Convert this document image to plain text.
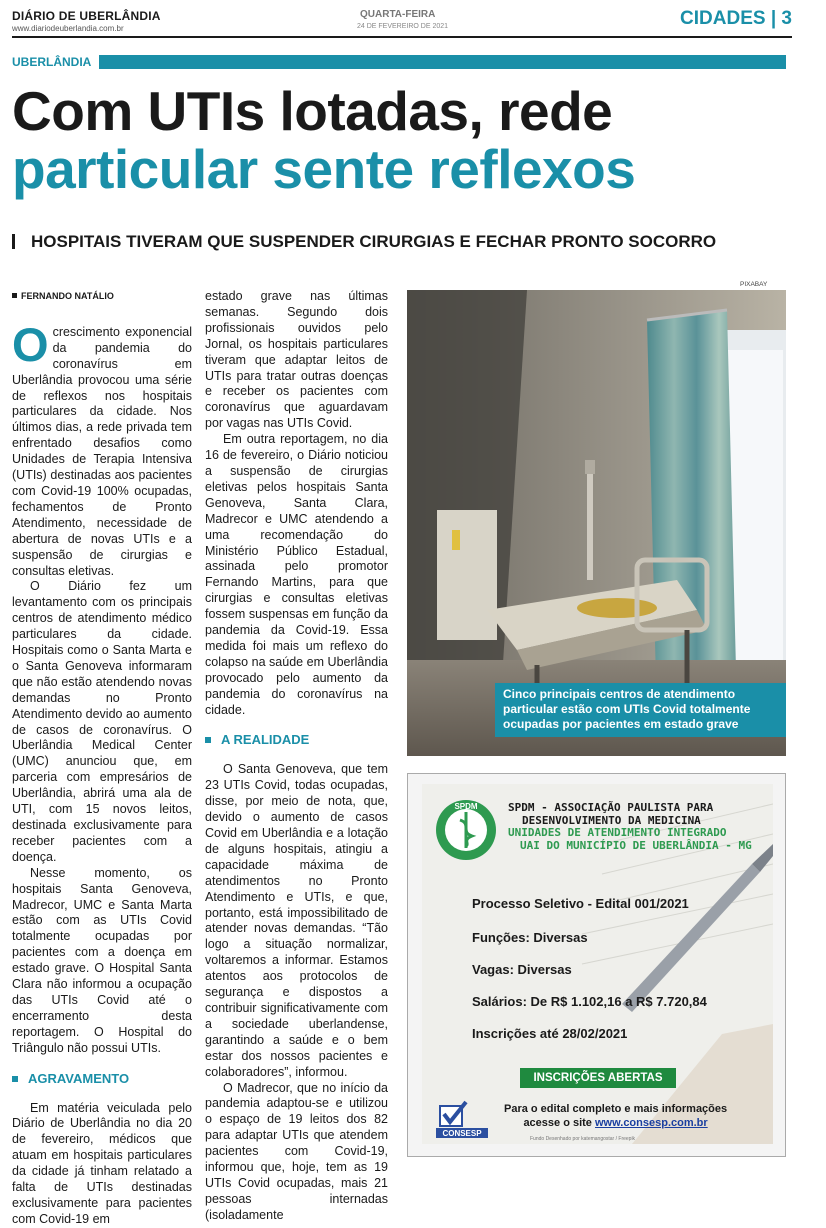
DIÁRIO DE UBERLÂNDIA
www.diariodeuberlandia.com.br
QUARTA-FEIRA
24 DE FEVEREIRO DE 2021	CIDADES | 3
UBERLÂNDIA
Com UTIs lotadas, rede
particular sente reflexos
HOSPITAIS TIVERAM QUE SUSPENDER CIRURGIAS E FECHAR PRONTO SOCORRO
FERNANDO NATÁLIO

Ocrescimento exponencial da pandemia do coronavírus em Uberlândia provocou uma série de reflexos nos hospitais particulares da cidade. Nos últimos dias, a rede privada tem enfrentado desafios como Unidades de Terapia Intensiva (UTIs) destinadas aos pacientes com Covid-19 100% ocupadas, fechamentos de Pronto Atendimento, necessidade de abertura de novas UTIs e a suspensão de cirurgias e consultas eletivas.

O Diário fez um levantamento com os principais centros de atendimento médico particulares da cidade. Hospitais como o Santa Marta e o Santa Genoveva informaram que não estão atendendo novas demandas no Pronto Atendimento devido ao aumento de casos de coronavírus. O Uberlândia Medical Center (UMC) anunciou que, em parceria com empresários de Uberlândia, abrirá uma ala de UTI, com 15 novos leitos, destinada exclusivamente para receber pacientes com a doença.

Nesse momento, os hospitais Santa Genoveva, Madrecor, UMC e Santa Marta estão com as UTIs Covid totalmente ocupadas por pacientes com a doença em estado grave. O Hospital Santa Clara não informou a ocupação das UTIs Covid até o encerramento desta reportagem. O Hospital do Triângulo não possui UTIs.

AGRAVAMENTO

Em matéria veiculada pelo Diário de Uberlândia no dia 20 de fevereiro, médicos que atuam em hospitais particulares da cidade já tinham relatado a falta de UTIs destinadas exclusivamente para pacientes com Covid-19 em

estado grave nas últimas semanas. Segundo dois profissionais ouvidos pelo Jornal, os hospitais particulares tiveram que adaptar leitos de UTIs para tratar outras doenças e receber os pacientes com coronavírus que aguardavam por vagas nas UTIs Covid.

Em outra reportagem, no dia 16 de fevereiro, o Diário noticiou a suspensão de cirurgias eletivas pelos hospitais Santa Genoveva, Santa Clara, Madrecor e UMC atendendo a uma recomendação do Ministério Público Estadual, assinada pelo promotor Fernando Martins, para que cirurgias e consultas eletivas fossem suspensas em função da pandemia da Covid-19. Essa medida foi mais um reflexo do colapso na saúde em Uberlândia provocado pelo aumento da pandemia do coronavírus na cidade.

A REALIDADE

O Santa Genoveva, que tem 23 UTIs Covid, todas ocupadas, disse, por meio de nota, que, devido o aumento de casos Covid em Uberlândia e a lotação de alguns hospitais, atingiu a capacidade máxima de atendimentos no Pronto Atendimento e UTIs, e que, portanto, está impossibilitado de atender novas demandas. “Tão logo a situação normalizar, voltaremos a informar. Estamos atentos aos protocolos de segurança e dispostos a contribuir significativamente com a sociedade uberlandense, garantindo a saúde e o bem estar dos nossos pacientes e colaboradores”, informou.

O Madrecor, que no início da pandemia adaptou-se e utilizou o espaço de 19 leitos dos 82 para adaptar UTIs que atendem pacientes com Covid-19, informou que, hoje, tem as 19 UTIs Covid ocupadas, mais 21 pessoas internadas (isoladamente

PIXABAY
Cinco principais centros de atendimento particular estão com UTIs Covid totalmente ocupadas por pacientes em estado grave
SPDM	SPDM - ASSOCIAÇÃO PAULISTA PARA
DESENVOLVIMENTO DA MEDICINA
UNIDADES DE ATENDIMENTO INTEGRADO
UAI DO MUNICÍPIO DE UBERLÂNDIA - MG
Processo Seletivo - Edital 001/2021
Funções: Diversas
Vagas: Diversas
Salários: De R$ 1.102,16 a R$ 7.720,84
Inscrições até 28/02/2021
INSCRIÇÕES ABERTAS
CONSESP
Para o edital completo e mais informações
acesse o site www.consesp.com.br
Fundo Desenhado por katemangostar / Freepik
